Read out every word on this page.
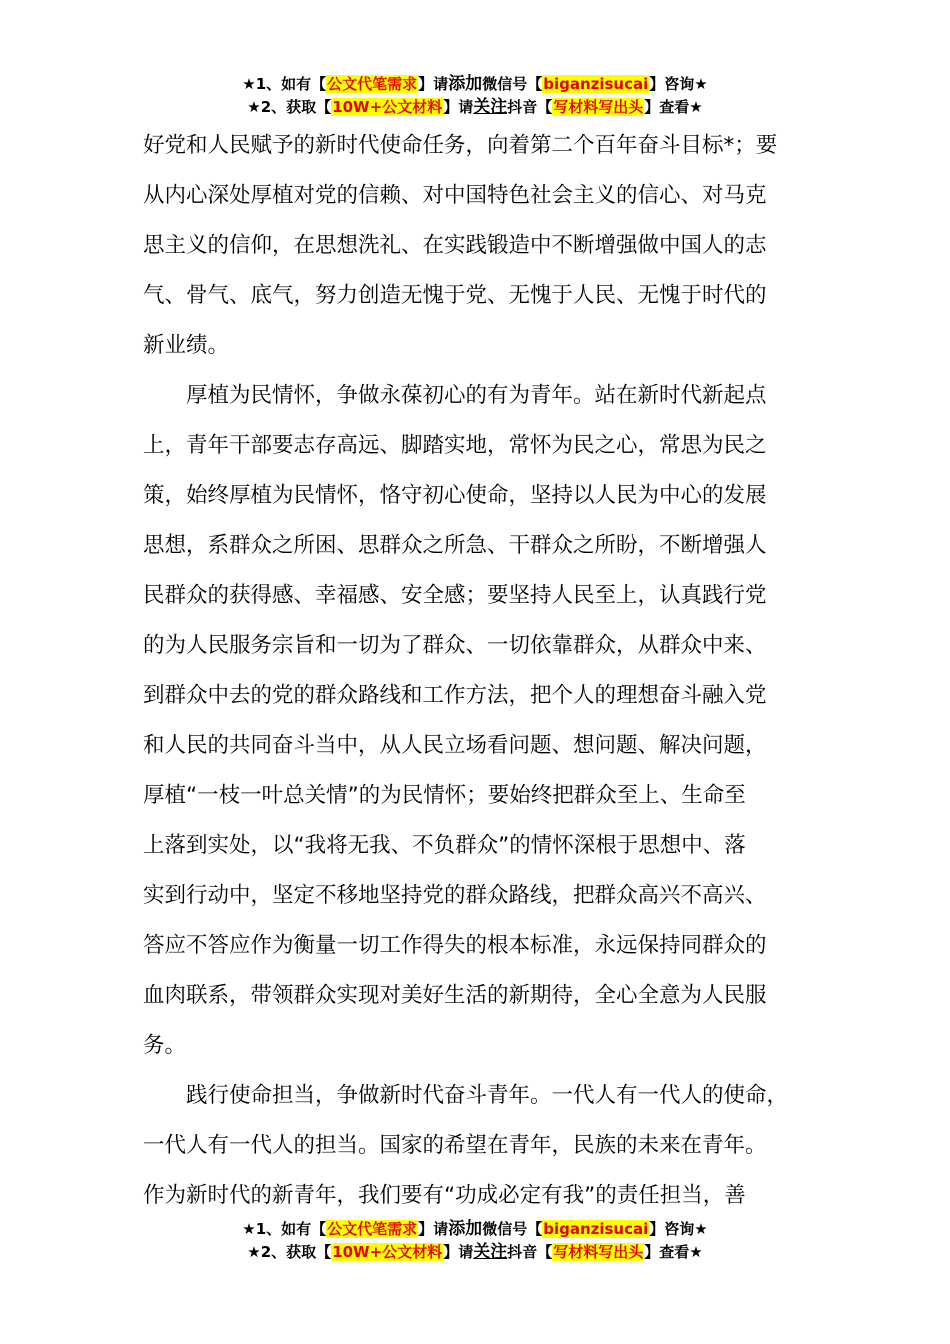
★1、如有【公文代笔需求】请添加微信号【biganzisucai】咨询★
★2、获取【10W+公文材料】请关注抖音【写材料写出头】查看★
好党和人民赋予的新时代使命任务，向着第二个百年奋斗目标*；要
从内心深处厚植对党的信赖、对中国特色社会主义的信心、对马克
思主义的信仰，在思想洗礼、在实践锻造中不断增强做中国人的志
气、骨气、底气，努力创造无愧于党、无愧于人民、无愧于时代的
新业绩。
厚植为民情怀，争做永葆初心的有为青年。站在新时代新起点
上，青年干部要志存高远、脚踏实地，常怀为民之心，常思为民之
策，始终厚植为民情怀，恪守初心使命，坚持以人民为中心的发展
思想，系群众之所困、思群众之所急、干群众之所盼，不断增强人
民群众的获得感、幸福感、安全感；要坚持人民至上，认真践行党
的为人民服务宗旨和一切为了群众、一切依靠群众，从群众中来、
到群众中去的党的群众路线和工作方法，把个人的理想奋斗融入党
和人民的共同奋斗当中，从人民立场看问题、想问题、解决问题，
厚植“一枝一叶总关情”的为民情怀；要始终把群众至上、生命至
上落到实处，以“我将无我、不负群众”的情怀深根于思想中、落
实到行动中，坚定不移地坚持党的群众路线，把群众高兴不高兴、
答应不答应作为衡量一切工作得失的根本标准，永远保持同群众的
血肉联系，带领群众实现对美好生活的新期待，全心全意为人民服
务。
践行使命担当，争做新时代奋斗青年。一代人有一代人的使命，
一代人有一代人的担当。国家的希望在青年，民族的未来在青年。
作为新时代的新青年，我们要有“功成必定有我”的责任担当，善
★1、如有【公文代笔需求】请添加微信号【biganzisucai】咨询★
★2、获取【10W+公文材料】请关注抖音【写材料写出头】查看★
